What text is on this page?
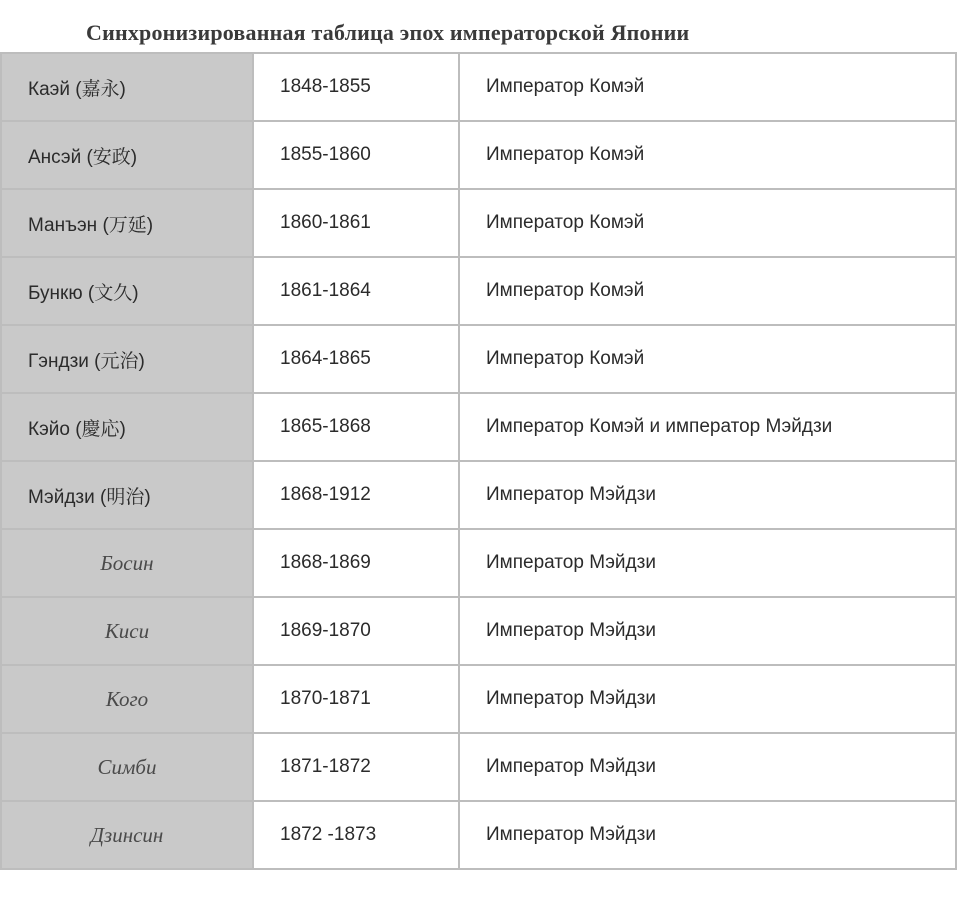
Синхронизированная таблица эпох императорской Японии
Каэй (嘉永)	1848-1855	Император Комэй
Ансэй (安政)	1855-1860	Император Комэй
Манъэн (万延)	1860-1861	Император Комэй
Бункю (文久)	1861-1864	Император Комэй
Гэндзи (元治)	1864-1865	Император Комэй
Кэйо (慶応)	1865-1868	Император Комэй и император Мэйдзи
Мэйдзи (明治)	1868-1912	Император Мэйдзи
Босин	1868-1869	Император Мэйдзи
Киси	1869-1870	Император Мэйдзи
Кого	1870-1871	Император Мэйдзи
Симби	1871-1872	Император Мэйдзи
Дзинсин	1872 -1873	Император Мэйдзи
